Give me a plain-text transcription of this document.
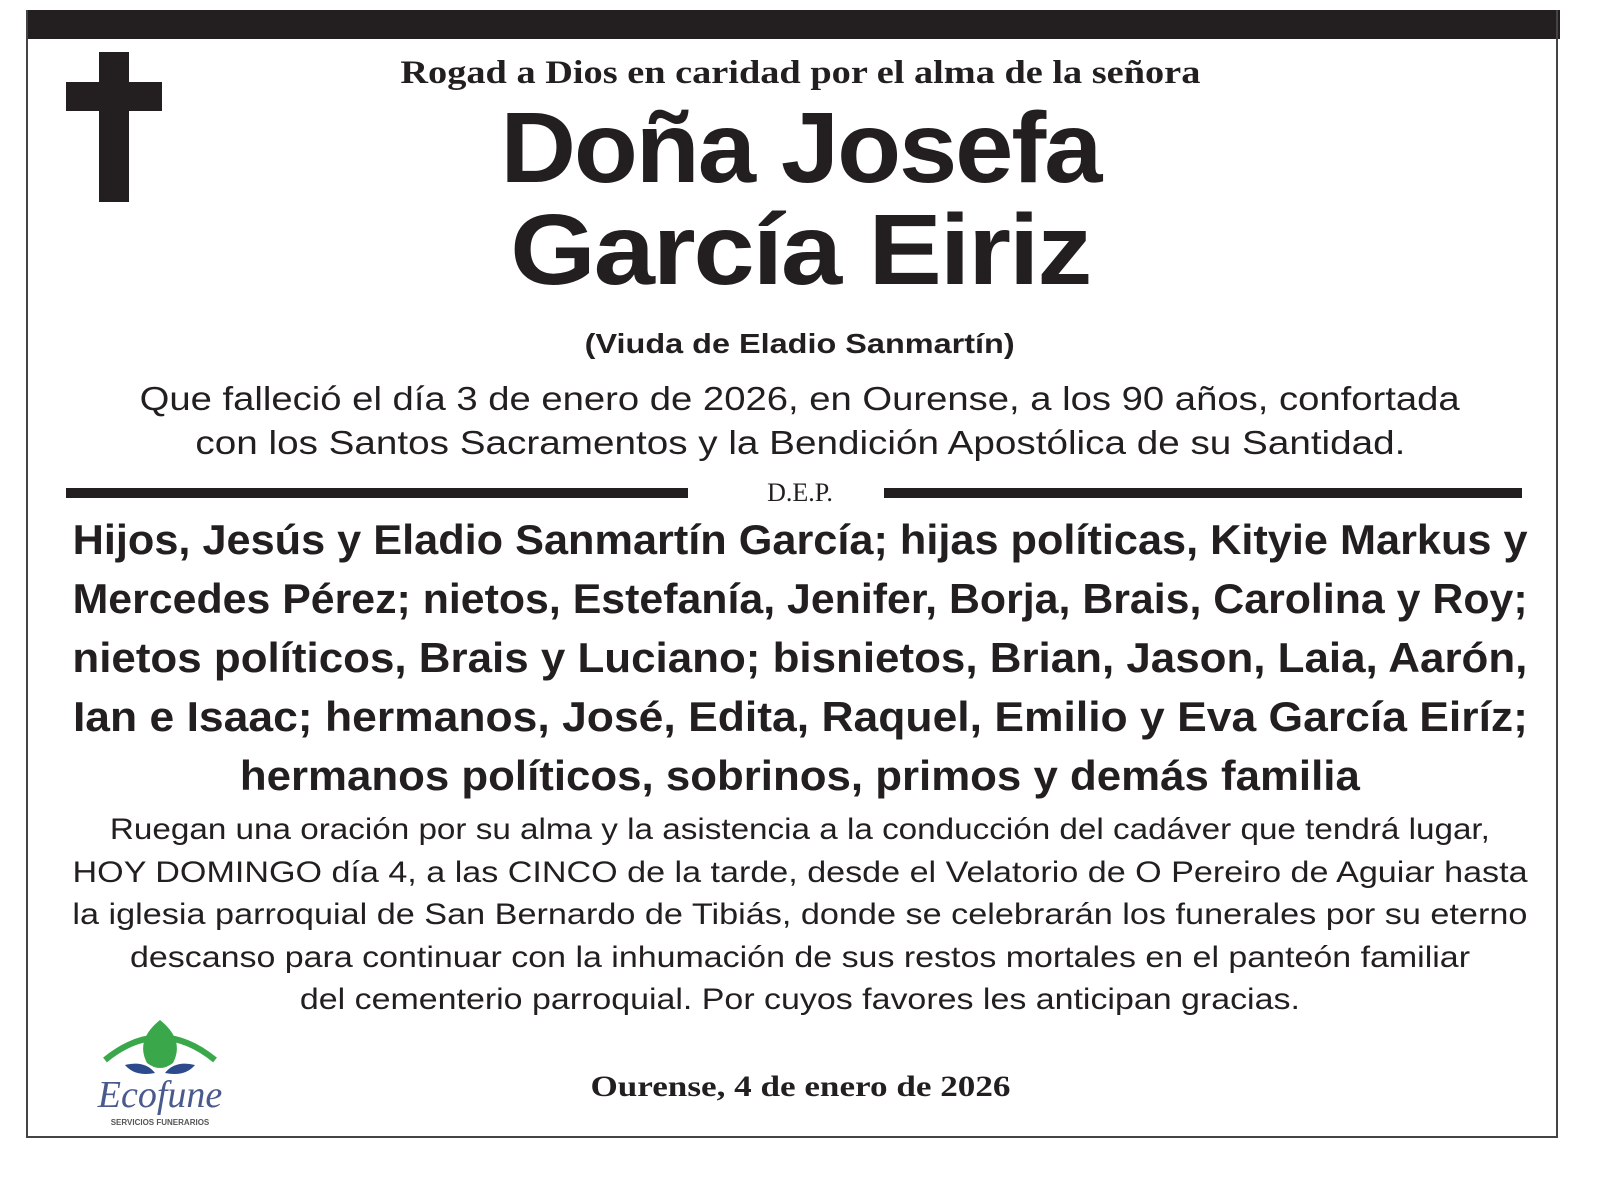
Rogad a Dios en caridad por el alma de la señora
Doña Josefa
García Eiriz
(Viuda de Eladio Sanmartín)
Que falleció el día 3 de enero de 2026, en Ourense, a los 90 años, confortada
con los Santos Sacramentos y la Bendición Apostólica de su Santidad.
D.E.P.
Hijos, Jesús y Eladio Sanmartín García; hijas políticas, Kityie Markus y
Mercedes Pérez; nietos, Estefanía, Jenifer, Borja, Brais, Carolina y Roy;
nietos políticos, Brais y Luciano; bisnietos, Brian, Jason, Laia, Aarón,
Ian e Isaac; hermanos, José, Edita, Raquel, Emilio y Eva García Eiríz;
hermanos políticos, sobrinos, primos y demás familia
Ruegan una oración por su alma y la asistencia a la conducción del cadáver que tendrá lugar,
HOY DOMINGO día 4, a las CINCO de la tarde, desde el Velatorio de O Pereiro de Aguiar hasta
la iglesia parroquial de San Bernardo de Tibiás, donde se celebrarán los funerales por su eterno
descanso para continuar con la inhumación de sus restos mortales en el panteón familiar
del cementerio parroquial. Por cuyos favores les anticipan gracias.
Ourense, 4 de enero de 2026
Ecofune
SERVICIOS FUNERARIOS
